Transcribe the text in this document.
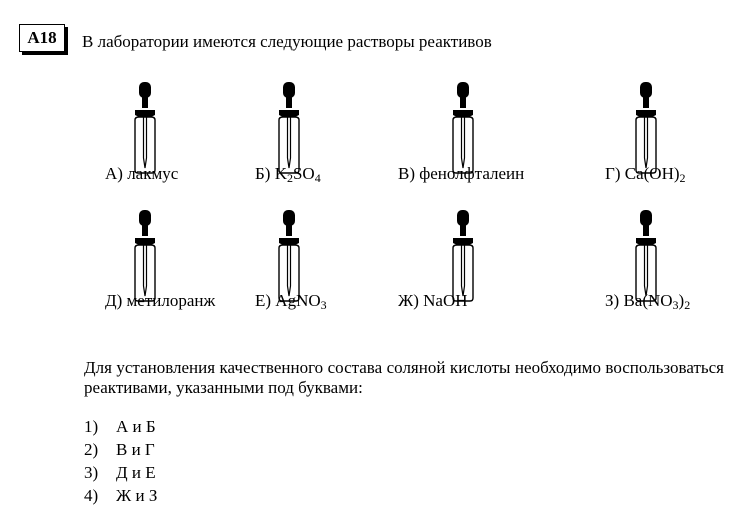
A18	В лаборатории имеются следующие растворы реактивов
А) лакмус	Б) $K_2SO_4$	В) фенолфталеин	Г) $Ca(OH)_2$
Д) метилоранж Е) AgNO$_3$	Ж) NaOH	З) $Ba(NO_3)_2$
Для установления качественного состава соляной кислоты необходимо воспользоваться реактивами, указанными под буквами:
1)	А и Б
2)	В и Г
3)	Д и Е
4)	Ж и З
